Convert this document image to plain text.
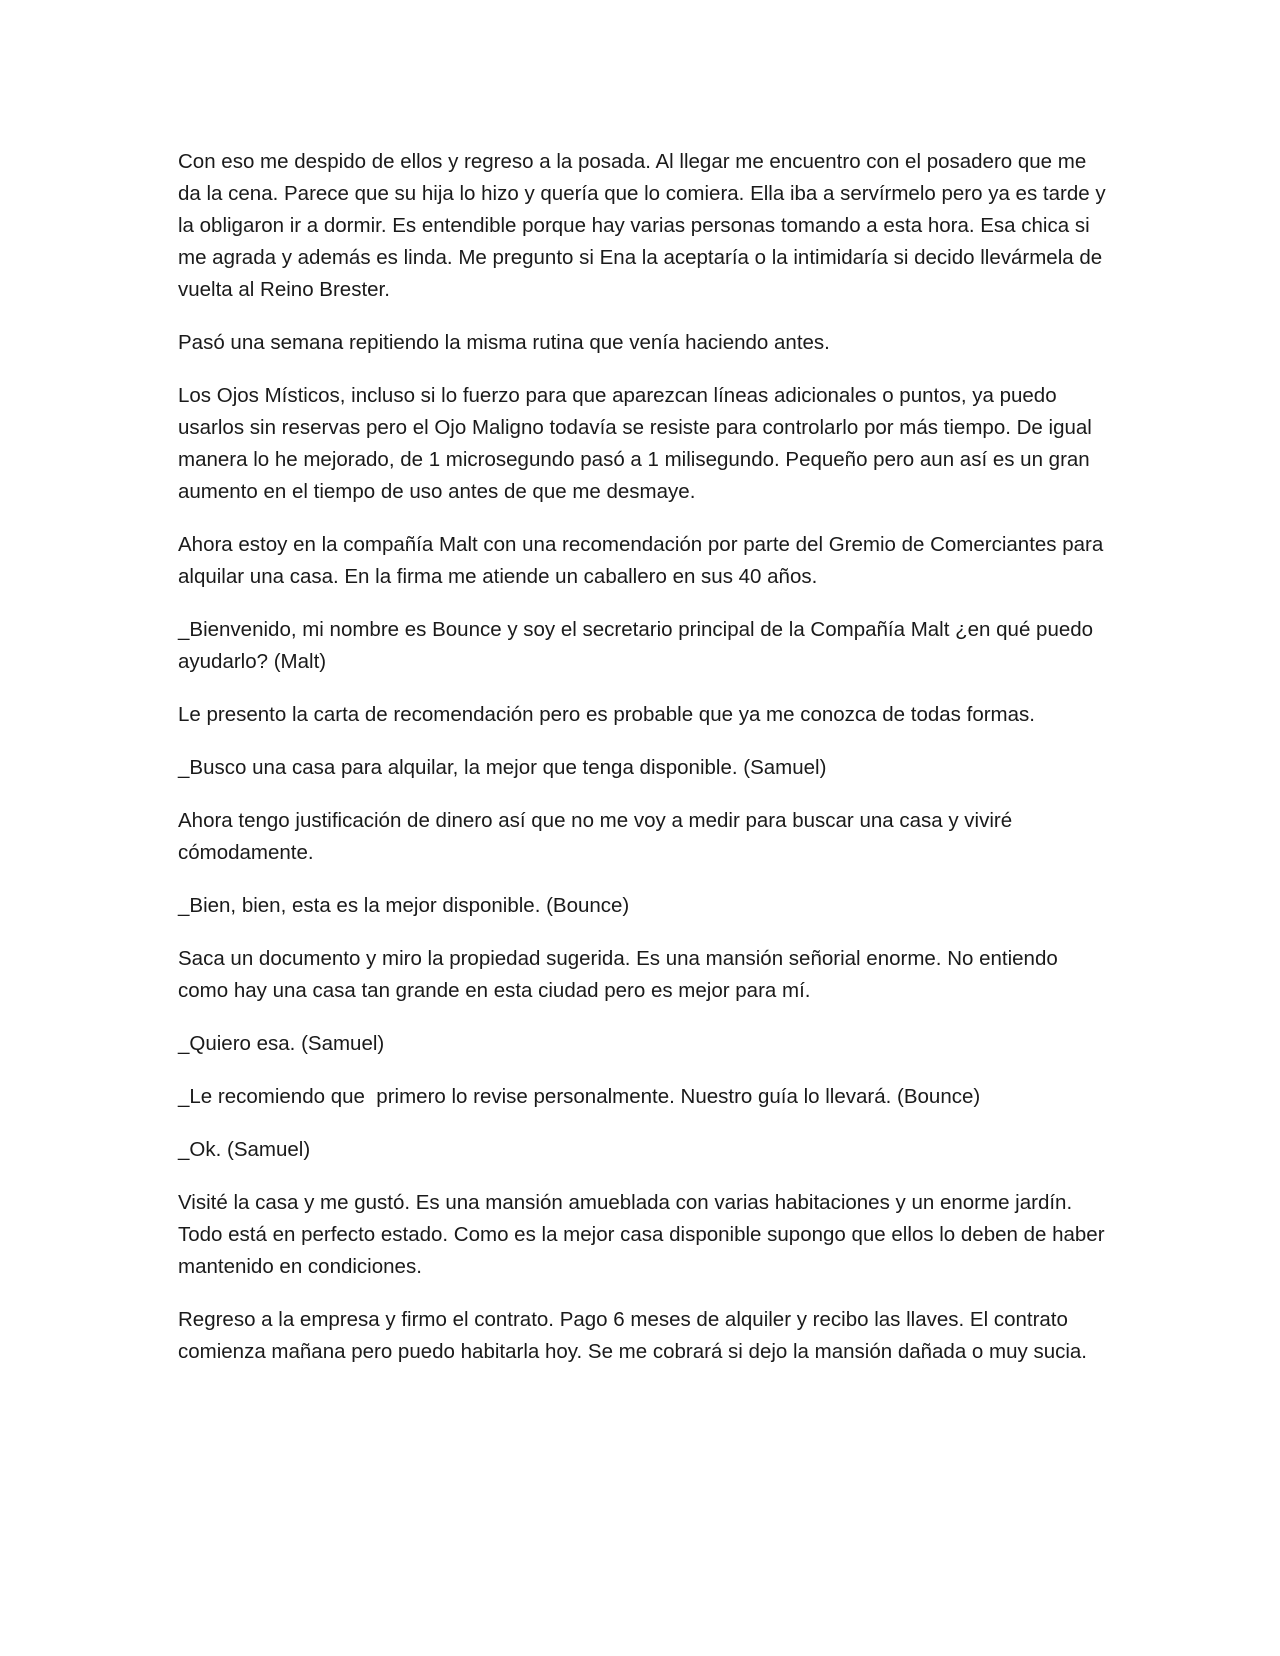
Con eso me despido de ellos y regreso a la posada. Al llegar me encuentro con el posadero que me da la cena. Parece que su hija lo hizo y quería que lo comiera. Ella iba a servírmelo pero ya es tarde y la obligaron ir a dormir. Es entendible porque hay varias personas tomando a esta hora. Esa chica si me agrada y además es linda. Me pregunto si Ena la aceptaría o la intimidaría si decido llevármela de vuelta al Reino Brester.

Pasó una semana repitiendo la misma rutina que venía haciendo antes.

Los Ojos Místicos, incluso si lo fuerzo para que aparezcan líneas adicionales o puntos, ya puedo usarlos sin reservas pero el Ojo Maligno todavía se resiste para controlarlo por más tiempo. De igual manera lo he mejorado, de 1 microsegundo pasó a 1 milisegundo. Pequeño pero aun así es un gran aumento en el tiempo de uso antes de que me desmaye.

Ahora estoy en la compañía Malt con una recomendación por parte del Gremio de Comerciantes para alquilar una casa. En la firma me atiende un caballero en sus 40 años.

_Bienvenido, mi nombre es Bounce y soy el secretario principal de la Compañía Malt ¿en qué puedo ayudarlo? (Malt)

Le presento la carta de recomendación pero es probable que ya me conozca de todas formas.

_Busco una casa para alquilar, la mejor que tenga disponible. (Samuel)

Ahora tengo justificación de dinero así que no me voy a medir para buscar una casa y viviré cómodamente.

_Bien, bien, esta es la mejor disponible. (Bounce)

Saca un documento y miro la propiedad sugerida. Es una mansión señorial enorme. No entiendo como hay una casa tan grande en esta ciudad pero es mejor para mí.

_Quiero esa. (Samuel)

_Le recomiendo que  primero lo revise personalmente. Nuestro guía lo llevará. (Bounce)

_Ok. (Samuel)

Visité la casa y me gustó. Es una mansión amueblada con varias habitaciones y un enorme jardín. Todo está en perfecto estado. Como es la mejor casa disponible supongo que ellos lo deben de haber mantenido en condiciones.

Regreso a la empresa y firmo el contrato. Pago 6 meses de alquiler y recibo las llaves. El contrato comienza mañana pero puedo habitarla hoy. Se me cobrará si dejo la mansión dañada o muy sucia.
